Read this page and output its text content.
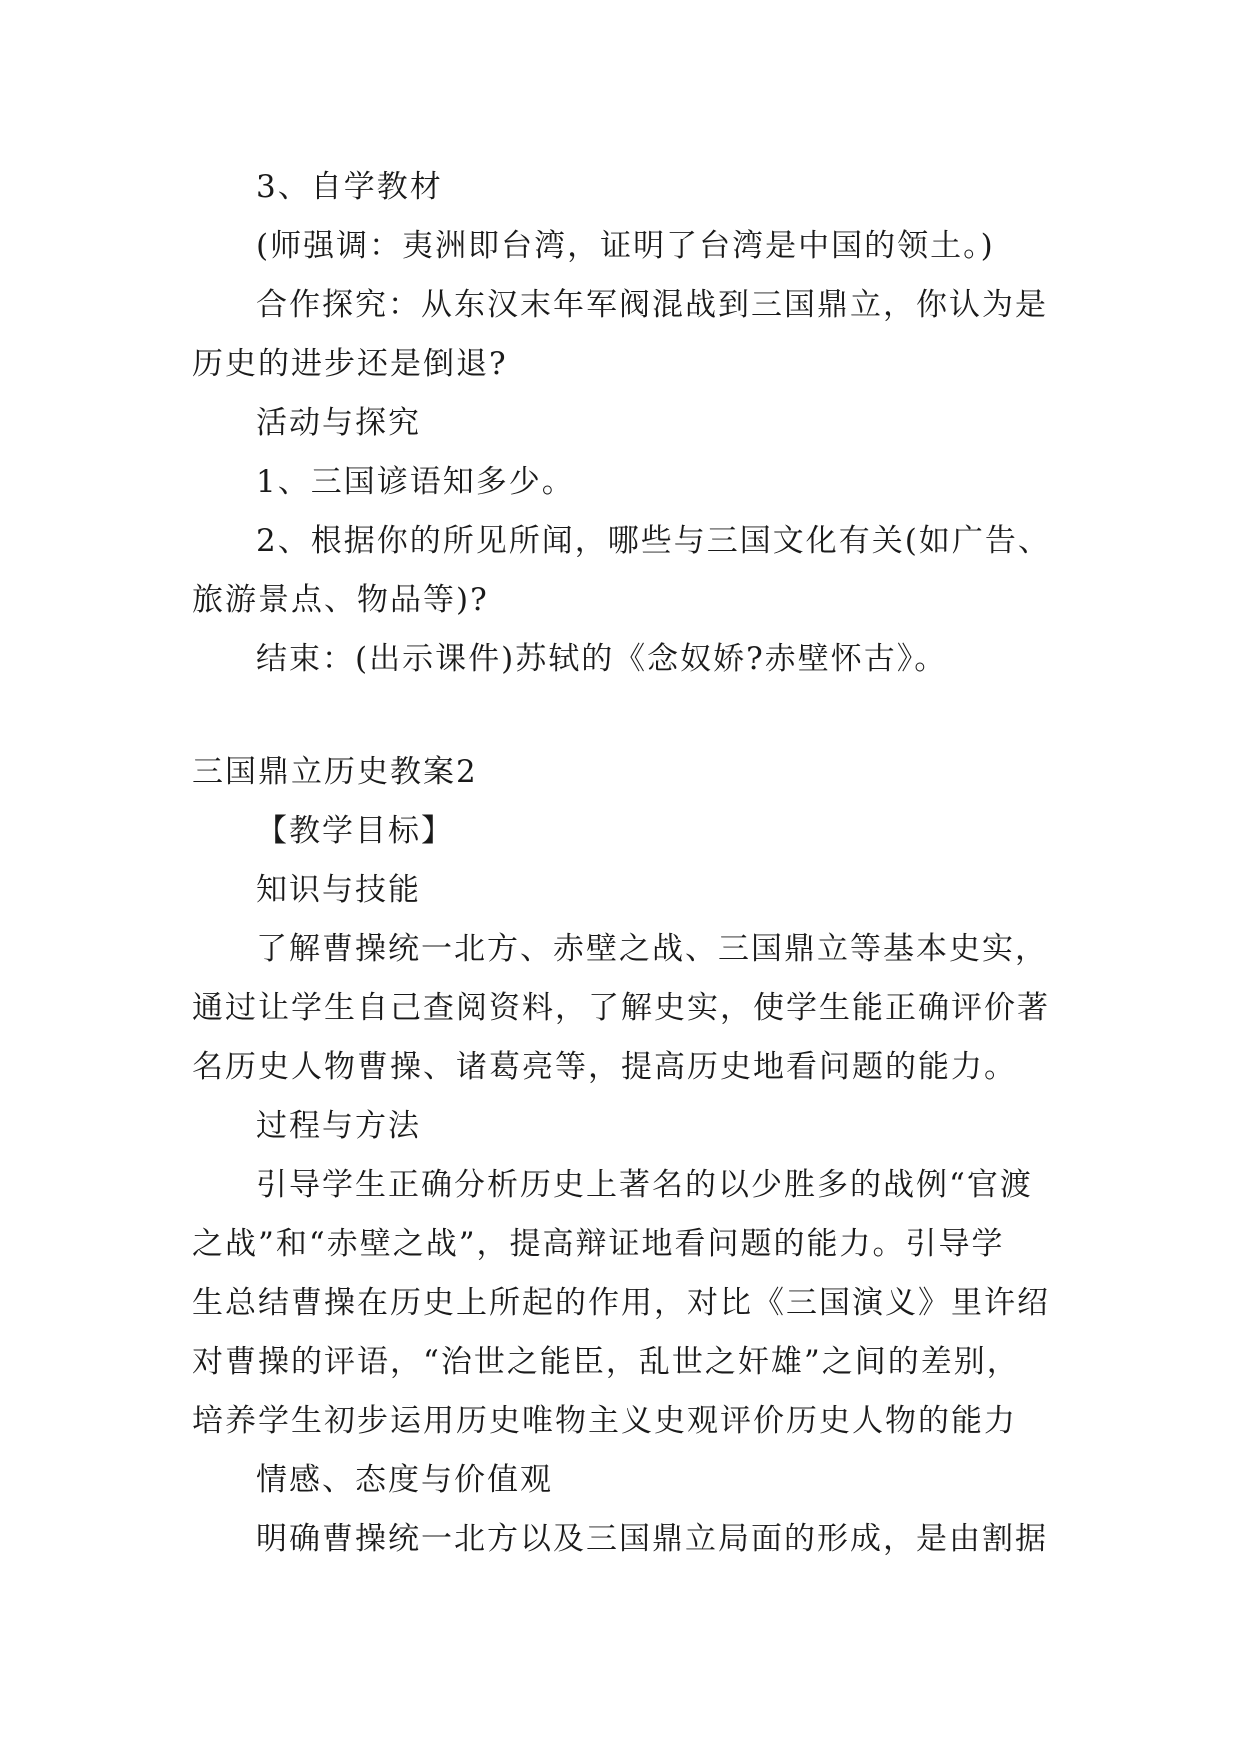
3、自学教材
(师强调：夷洲即台湾，证明了台湾是中国的领土。)
合作探究：从东汉末年军阀混战到三国鼎立，你认为是
历史的进步还是倒退?
活动与探究
1、三国谚语知多少。
2、根据你的所见所闻，哪些与三国文化有关(如广告、
旅游景点、物品等)?
结束：(出示课件)苏轼的《念奴娇?赤壁怀古》。
三国鼎立历史教案2
【教学目标】
知识与技能
了解曹操统一北方、赤壁之战、三国鼎立等基本史实，
通过让学生自己查阅资料，了解史实，使学生能正确评价著
名历史人物曹操、诸葛亮等，提高历史地看问题的能力。
过程与方法
引导学生正确分析历史上著名的以少胜多的战例“官渡
之战”和“赤壁之战”，提高辩证地看问题的能力。引导学
生总结曹操在历史上所起的作用，对比《三国演义》里许绍
对曹操的评语，“治世之能臣，乱世之奸雄”之间的差别，
培养学生初步运用历史唯物主义史观评价历史人物的能力
情感、态度与价值观
明确曹操统一北方以及三国鼎立局面的形成，是由割据
